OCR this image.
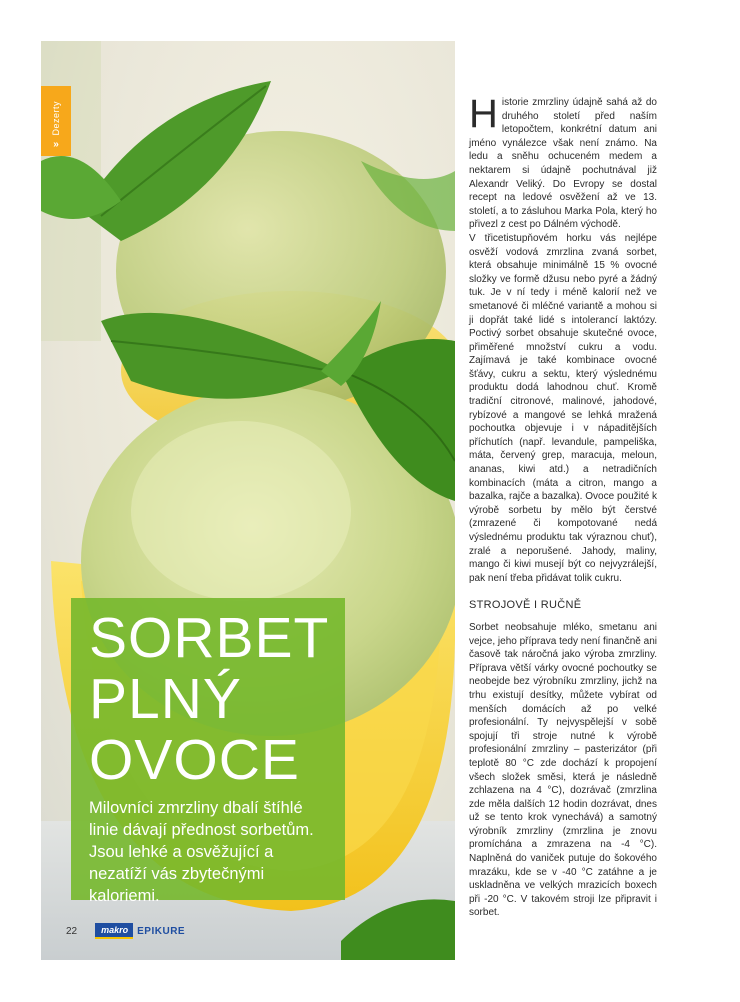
Dezerty
»
SORBET
PLNÝ
OVOCE
Milovníci zmrzliny dbalí štíhlé linie dávají přednost sorbetům. Jsou lehké a osvěžující a nezatíží vás zbytečnými kaloriemi.
22	makro EPIKURE

Historie zmrzliny údajně sahá až do druhého století před naším letopočtem, konkrétní datum ani jméno vynálezce však není známo. Na ledu a sněhu ochuceném medem a nektarem si údajně pochutnával již Alexandr Veliký. Do Evropy se dostal recept na ledové osvěžení až ve 13. století, a to zásluhou Marka Pola, který ho přivezl z cest po Dálném východě.

V třicetistupňovém horku vás nejlépe osvěží vodová zmrzlina zvaná sorbet, která obsahuje minimálně 15 % ovocné složky ve formě džusu nebo pyré a žádný tuk. Je v ní tedy i méně kalorií než ve smetanové či mléčné variantě a mohou si ji dopřát také lidé s intolerancí laktózy. Poctivý sorbet obsahuje skutečné ovoce, přiměřené množství cukru a vodu. Zajímavá je také kombinace ovocné šťávy, cukru a sektu, který výslednému produktu dodá lahodnou chuť. Kromě tradiční citronové, malinové, jahodové, rybízové a mangové se lehká mražená pochoutka objevuje i v nápaditějších příchutích (např. levandule, pampeliška, máta, červený grep, maracuja, meloun, ananas, kiwi atd.) a netradičních kombinacích (máta a citron, mango a bazalka, rajče a bazalka). Ovoce použité k výrobě sorbetu by mělo být čerstvé (zmrazené či kompotované nedá výslednému produktu tak výraznou chuť), zralé a neporušené. Jahody, maliny, mango či kiwi musejí být co nejvyzrálejší, pak není třeba přidávat tolik cukru.

STROJOVĚ I RUČNĚ

Sorbet neobsahuje mléko, smetanu ani vejce, jeho příprava tedy není finančně ani časově tak náročná jako výroba zmrzliny. Příprava větší várky ovocné pochoutky se neobejde bez výrobníku zmrzliny, jichž na trhu existují desítky, můžete vybírat od menších domácích až po velké profesionální. Ty nejvyspělejší v sobě spojují tři stroje nutné k výrobě profesionální zmrzliny – pasterizátor (při teplotě 80 °C zde dochází k propojení všech složek směsi, která je následně zchlazena na 4 °C), dozrávač (zmrzlina zde měla dalších 12 hodin dozrávat, dnes už se tento krok vynechává) a samotný výrobník zmrzliny (zmrzlina je znovu promíchána a zmrazena na -4 °C). Naplněná do vaniček putuje do šokového mrazáku, kde se v -40 °C zatáhne a je uskladněna ve velkých mrazicích boxech při -20 °C. V takovém stroji lze připravit i sorbet.
